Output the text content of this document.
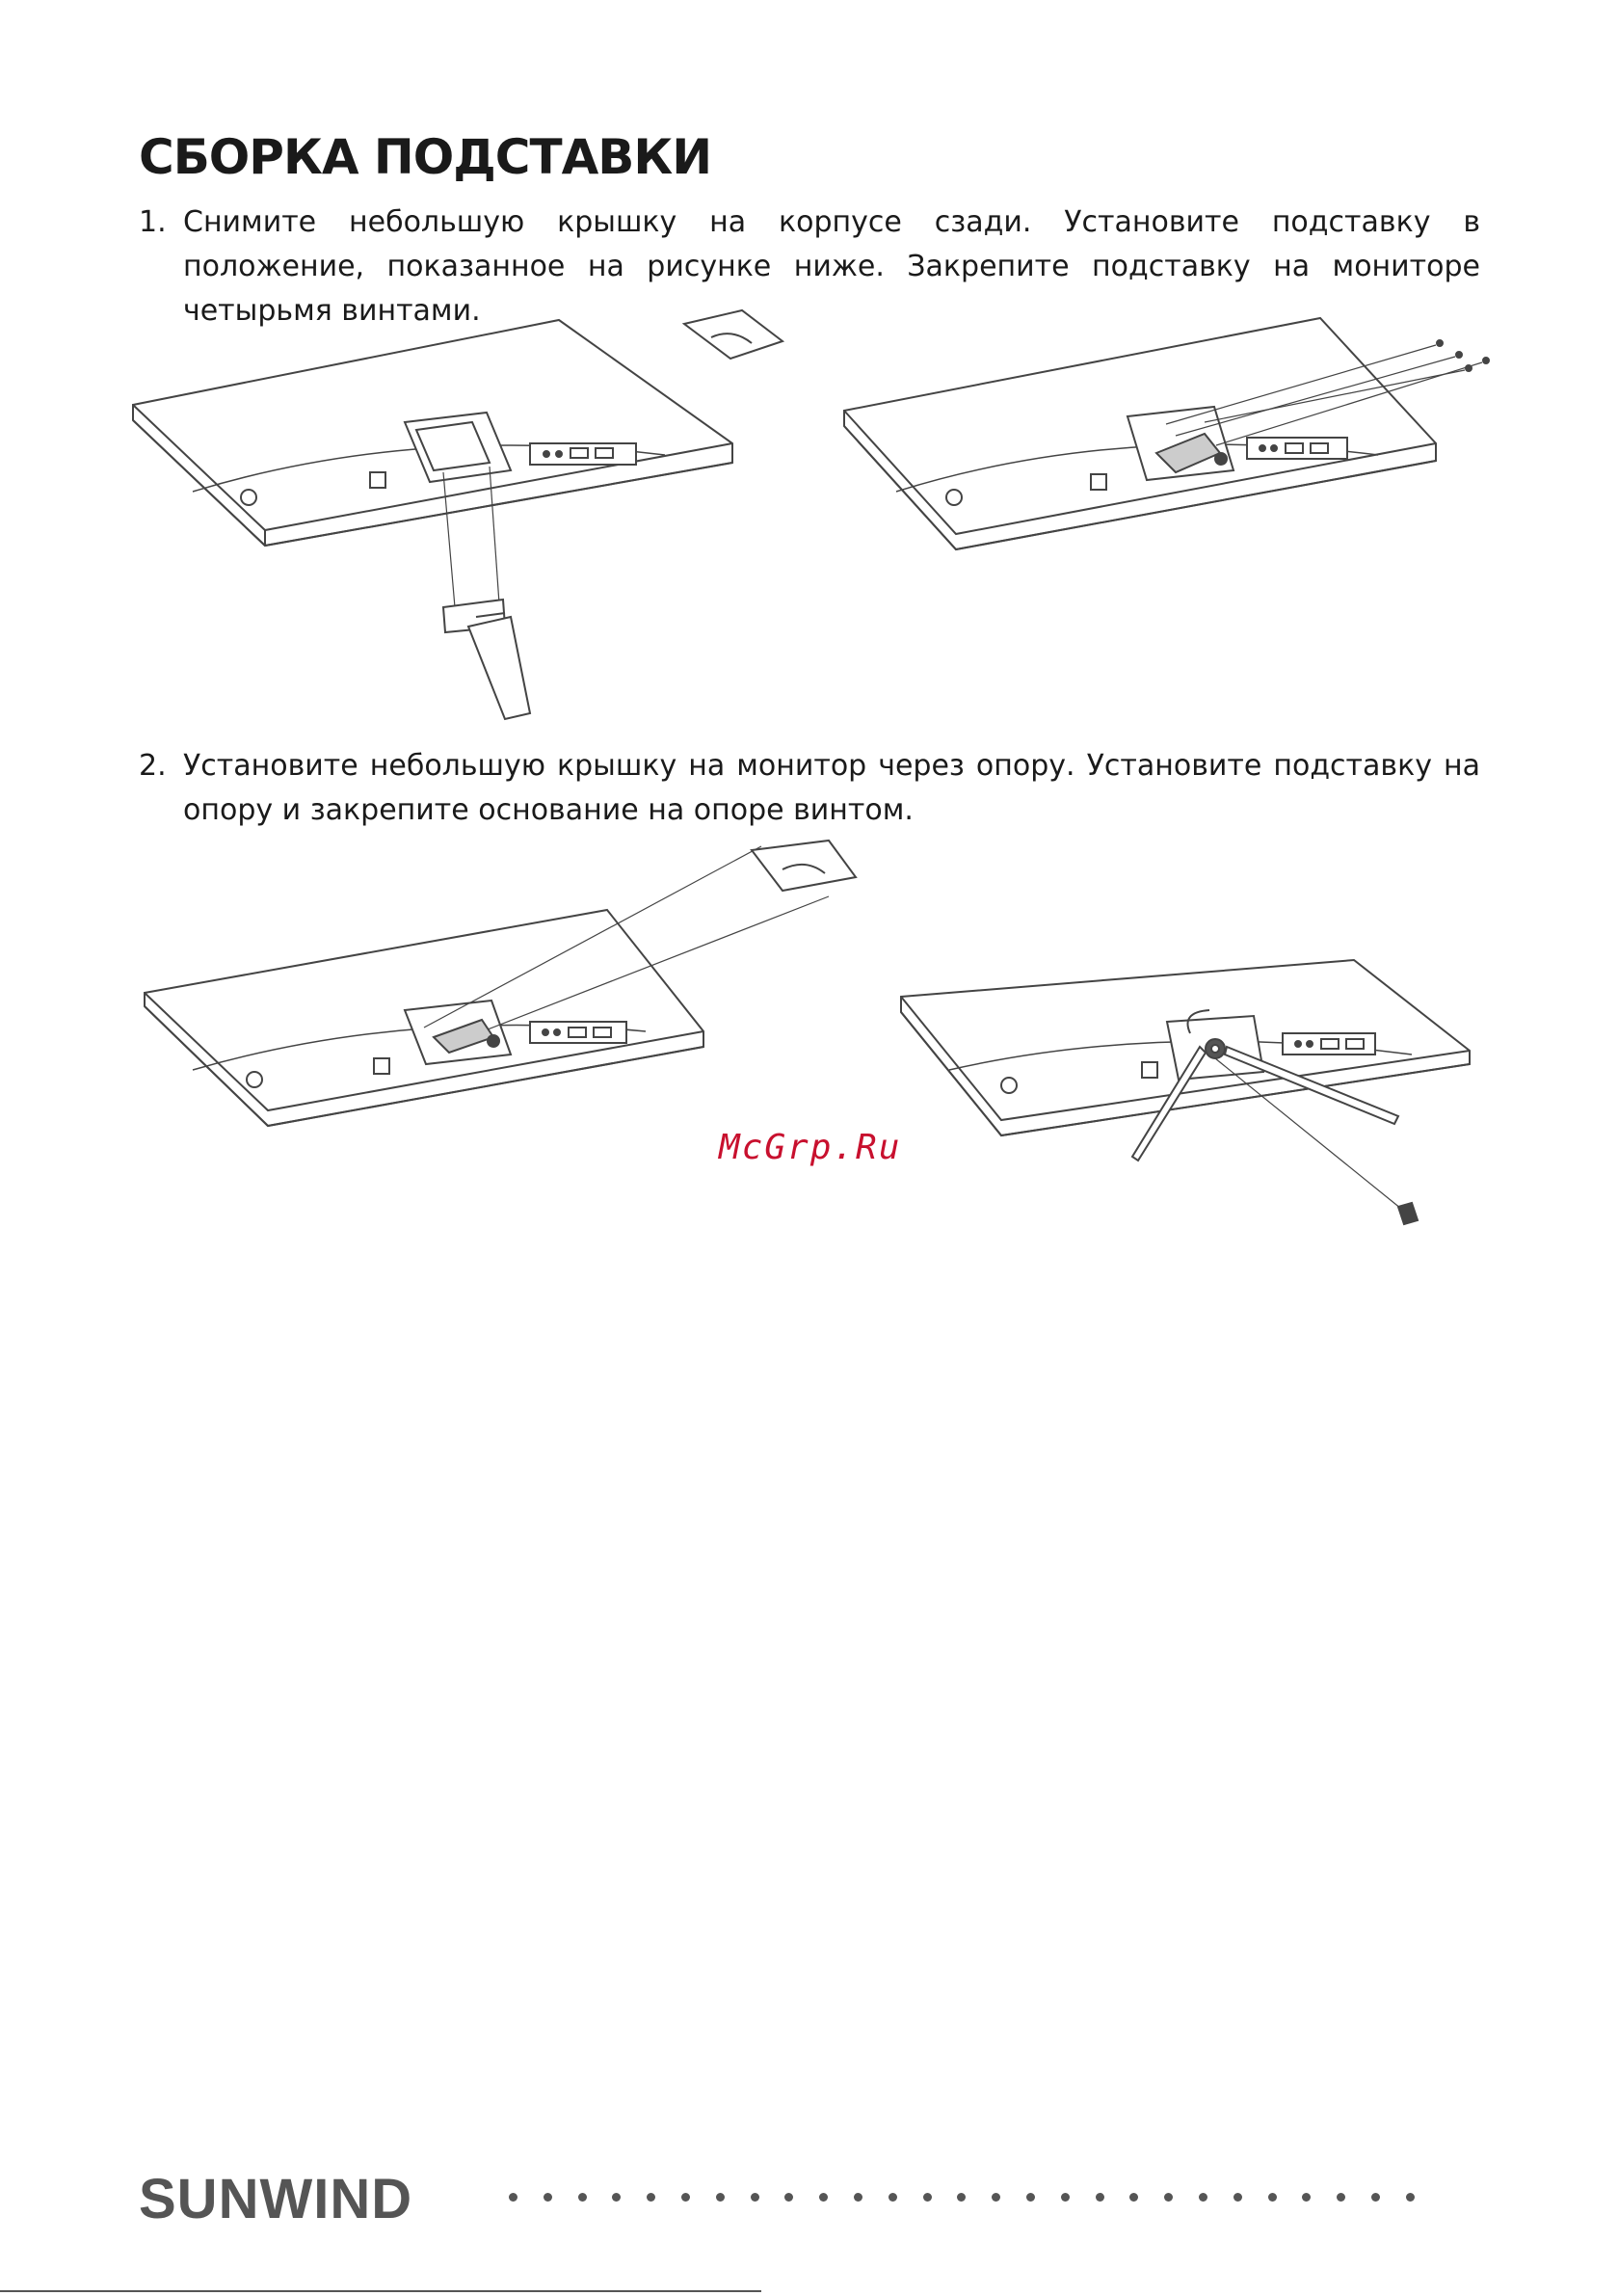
СБОРКА ПОДСТАВКИ
1. Снимите небольшую крышку на корпусе сзади. Установите подставку в положение, показанное на рисунке ниже. Закрепите подставку на мониторе четырьмя винтами.
2. Установите небольшую крышку на монитор через опору. Установите подставку на опору и закрепите основание на опоре винтом.
McGrp.Ru
SUNWIND
